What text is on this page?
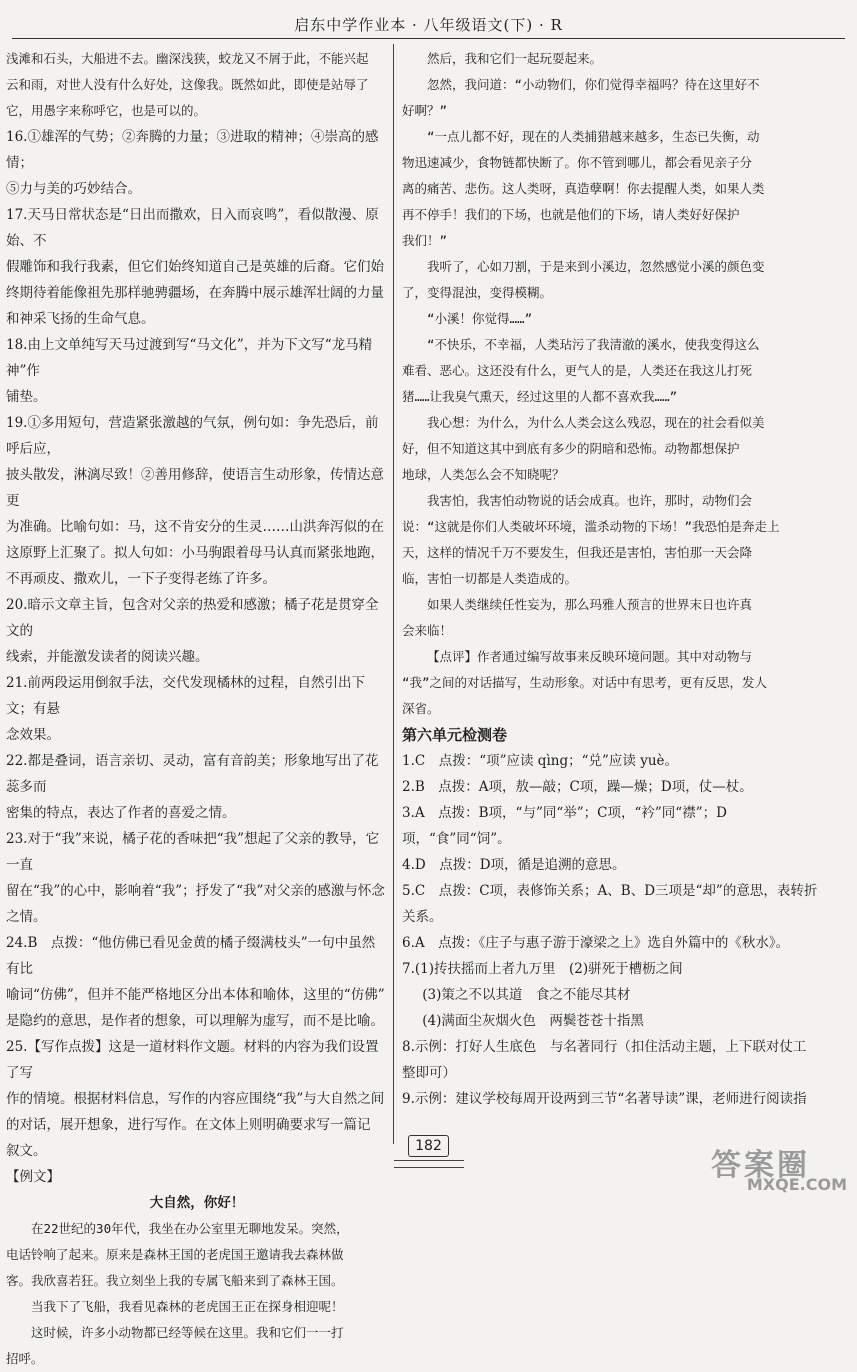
启东中学作业本 · 八年级语文(下) · R

浅滩和石头，大船进不去。幽深浅狭，蛟龙又不屑于此，不能兴起

云和雨，对世人没有什么好处，这像我。既然如此，即使是站辱了

它，用愚字来称呼它，也是可以的。

16.①雄浑的气势；②奔腾的力量；③进取的精神；④崇高的感情；

⑤力与美的巧妙结合。

17.天马日常状态是“日出而撒欢，日入而哀鸣”，看似散漫、原始、不

假雕饰和我行我素，但它们始终知道自己是英雄的后裔。它们始

终期待着能像祖先那样驰骋疆场，在奔腾中展示雄浑壮阔的力量

和神采飞扬的生命气息。

18.由上文单纯写天马过渡到写“马文化”，并为下文写“龙马精神”作

铺垫。

19.①多用短句，营造紧张激越的气氛，例句如：争先恐后，前呼后应，

披头散发，淋漓尽致！②善用修辞，使语言生动形象，传情达意更

为准确。比喻句如：马，这不肯安分的生灵……山洪奔泻似的在

这原野上汇聚了。拟人句如：小马驹跟着母马认真而紧张地跑，

不再顽皮、撒欢儿，一下子变得老练了许多。

20.暗示文章主旨，包含对父亲的热爱和感激；橘子花是贯穿全文的

线索，并能激发读者的阅读兴趣。

21.前两段运用倒叙手法，交代发现橘林的过程，自然引出下文；有悬

念效果。

22.都是叠词，语言亲切、灵动，富有音韵美；形象地写出了花蕊多而

密集的特点，表达了作者的喜爱之情。

23.对于“我”来说，橘子花的香味把“我”想起了父亲的教导，它一直

留在“我”的心中，影响着“我”；抒发了“我”对父亲的感激与怀念

之情。

24.B　点拨：“他仿佛已看见金黄的橘子缀满枝头”一句中虽然有比

喻词“仿佛”，但并不能严格地区分出本体和喻体，这里的“仿佛”

是隐约的意思，是作者的想象，可以理解为虚写，而不是比喻。

25.【写作点拨】这是一道材料作文题。材料的内容为我们设置了写

作的情境。根据材料信息，写作的内容应围绕“我”与大自然之间

的对话，展开想象，进行写作。在文体上则明确要求写一篇记

叙文。

【例文】

大自然，你好！

在22世纪的30年代，我坐在办公室里无聊地发呆。突然，

电话铃响了起来。原来是森林王国的老虎国王邀请我去森林做

客。我欣喜若狂。我立刻坐上我的专属飞船来到了森林王国。

当我下了飞船，我看见森林的老虎国王正在探身相迎呢！

这时候，许多小动物都已经等候在这里。我和它们一一打

招呼。

然后，我和它们一起玩耍起来。

忽然，我问道：“小动物们，你们觉得幸福吗？待在这里好不

好啊？”

“一点儿都不好，现在的人类捕猎越来越多，生态已失衡，动

物迅速减少，食物链都快断了。你不管到哪儿，都会看见亲子分

离的痛苦、悲伤。这人类呀，真造孽啊！你去提醒人类，如果人类

再不停手！我们的下场，也就是他们的下场，请人类好好保护

我们！”

我听了，心如刀割，于是来到小溪边，忽然感觉小溪的颜色变

了，变得混浊，变得模糊。

“小溪！你觉得……”

“不快乐，不幸福，人类玷污了我清澈的溪水，使我变得这么

难看、恶心。这还没有什么，更气人的是，人类还在我这儿打死

猪……让我臭气熏天，经过这里的人都不喜欢我……”

我心想：为什么，为什么人类会这么残忍，现在的社会看似美

好，但不知道这其中到底有多少的阴暗和恐怖。动物都想保护

地球，人类怎么会不知晓呢？

我害怕，我害怕动物说的话会成真。也许，那时，动物们会

说：“这就是你们人类破坏环境，滥杀动物的下场！”我恐怕是奔走上

天，这样的情况千万不要发生，但我还是害怕，害怕那一天会降

临，害怕一切都是人类造成的。

如果人类继续任性妄为，那么玛雅人预言的世界末日也许真

会来临！

【点评】作者通过编写故事来反映环境问题。其中对动物与

“我”之间的对话描写，生动形象。对话中有思考，更有反思，发人

深省。

第六单元检测卷

1.C　点拨：“项”应读 qìng；“兑”应读 yuè。

2.B　点拨：A项，敖—敲；C项，躁—燥；D项，仗—杖。

3.A　点拨：B项，“与”同“举”；C项，“衿”同“襟”；D项，“食”同“饲”。

4.D　点拨：D项，循是追溯的意思。

5.C　点拨：C项，表修饰关系；A、B、D三项是“却”的意思，表转折

关系。

6.A　点拨：《庄子与惠子游于濠梁之上》选自外篇中的《秋水》。

7.(1)抟扶摇而上者九万里　(2)骈死于槽枥之间

(3)策之不以其道　食之不能尽其材

(4)满面尘灰烟火色　两鬓苍苍十指黑

8.示例：打好人生底色　与名著同行（扣住活动主题，上下联对仗工

整即可）

9.示例：建议学校每周开设两到三节“名著导读”课，老师进行阅读指

182
答案圈
MXQE.COM
